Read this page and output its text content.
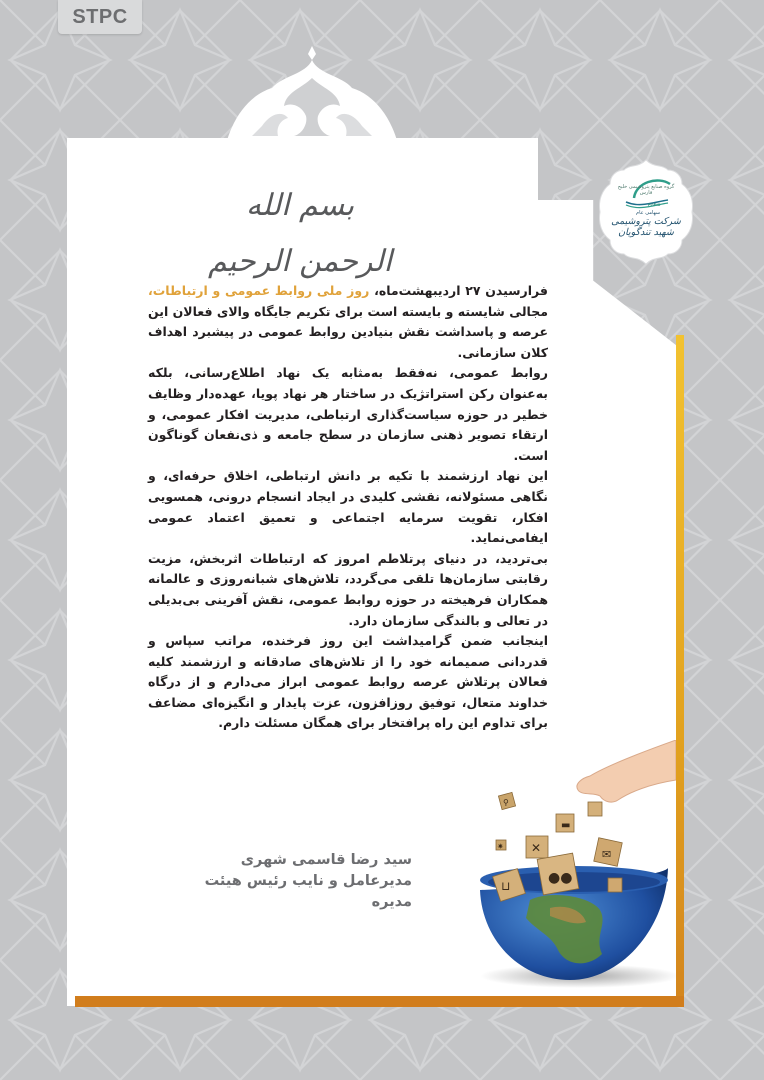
STPC
گروه صنایع پتروشیمی خلیج فارس
PGPIC
سهامی عام
شرکت پتروشیمی شهید تندگویان
بسم الله الرحمن الرحیم

فرارسیدن ۲۷ اردیبهشت‌ماه، روز ملی روابط عمومی و ارتباطات، مجالی شایسته و بایسته است برای تکریم جایگاه والای فعالان این عرصه و پاسداشت نقش بنیادین روابط عمومی در پیشبرد اهداف کلان سازمانی.

روابط عمومی، نه‌فقط به‌مثابه یک نهاد اطلاع‌رسانی، بلکه به‌عنوان رکن استراتژیک در ساختار هر نهاد پویا، عهده‌دار وظایف خطیر در حوزه سیاست‌گذاری ارتباطی، مدیریت افکار عمومی، و ارتقاء تصویر ذهنی سازمان در سطح جامعه و ذی‌نفعان گوناگون است.

این نهاد ارزشمند با تکیه بر دانش ارتباطی، اخلاق حرفه‌ای، و نگاهی مسئولانه، نقشی کلیدی در ایجاد انسجام درونی، همسویی افکار، تقویت سرمایه اجتماعی و تعمیق اعتماد عمومی ایفامی‌نماید.

بی‌تردید، در دنیای پرتلاطم امروز که ارتباطات اثربخش، مزیت رقابتی سازمان‌ها تلقی می‌گردد، تلاش‌های شبانه‌روزی و عالمانه همکاران فرهیخته در حوزه روابط عمومی، نقش آفرینی بی‌بدیلی در تعالی و بالندگی سازمان دارد.

اینجانب ضمن گرامیداشت این روز فرخنده، مراتب سپاس و قدردانی صمیمانه خود را از تلاش‌های صادقانه و ارزشمند کلیه فعالان پرتلاش عرصه روابط عمومی ابراز می‌دارم و از درگاه خداوند متعال، توفیق روزافزون، عزت پایدار و انگیزه‌ای مضاعف برای تداوم این راه پرافتخار برای همگان مسئلت دارم.

سید رضا قاسمی شهری
مدیرعامل و نایب رئیس هیئت مدیره
▬
✕
●●
✉
⊔
✷
⚲
